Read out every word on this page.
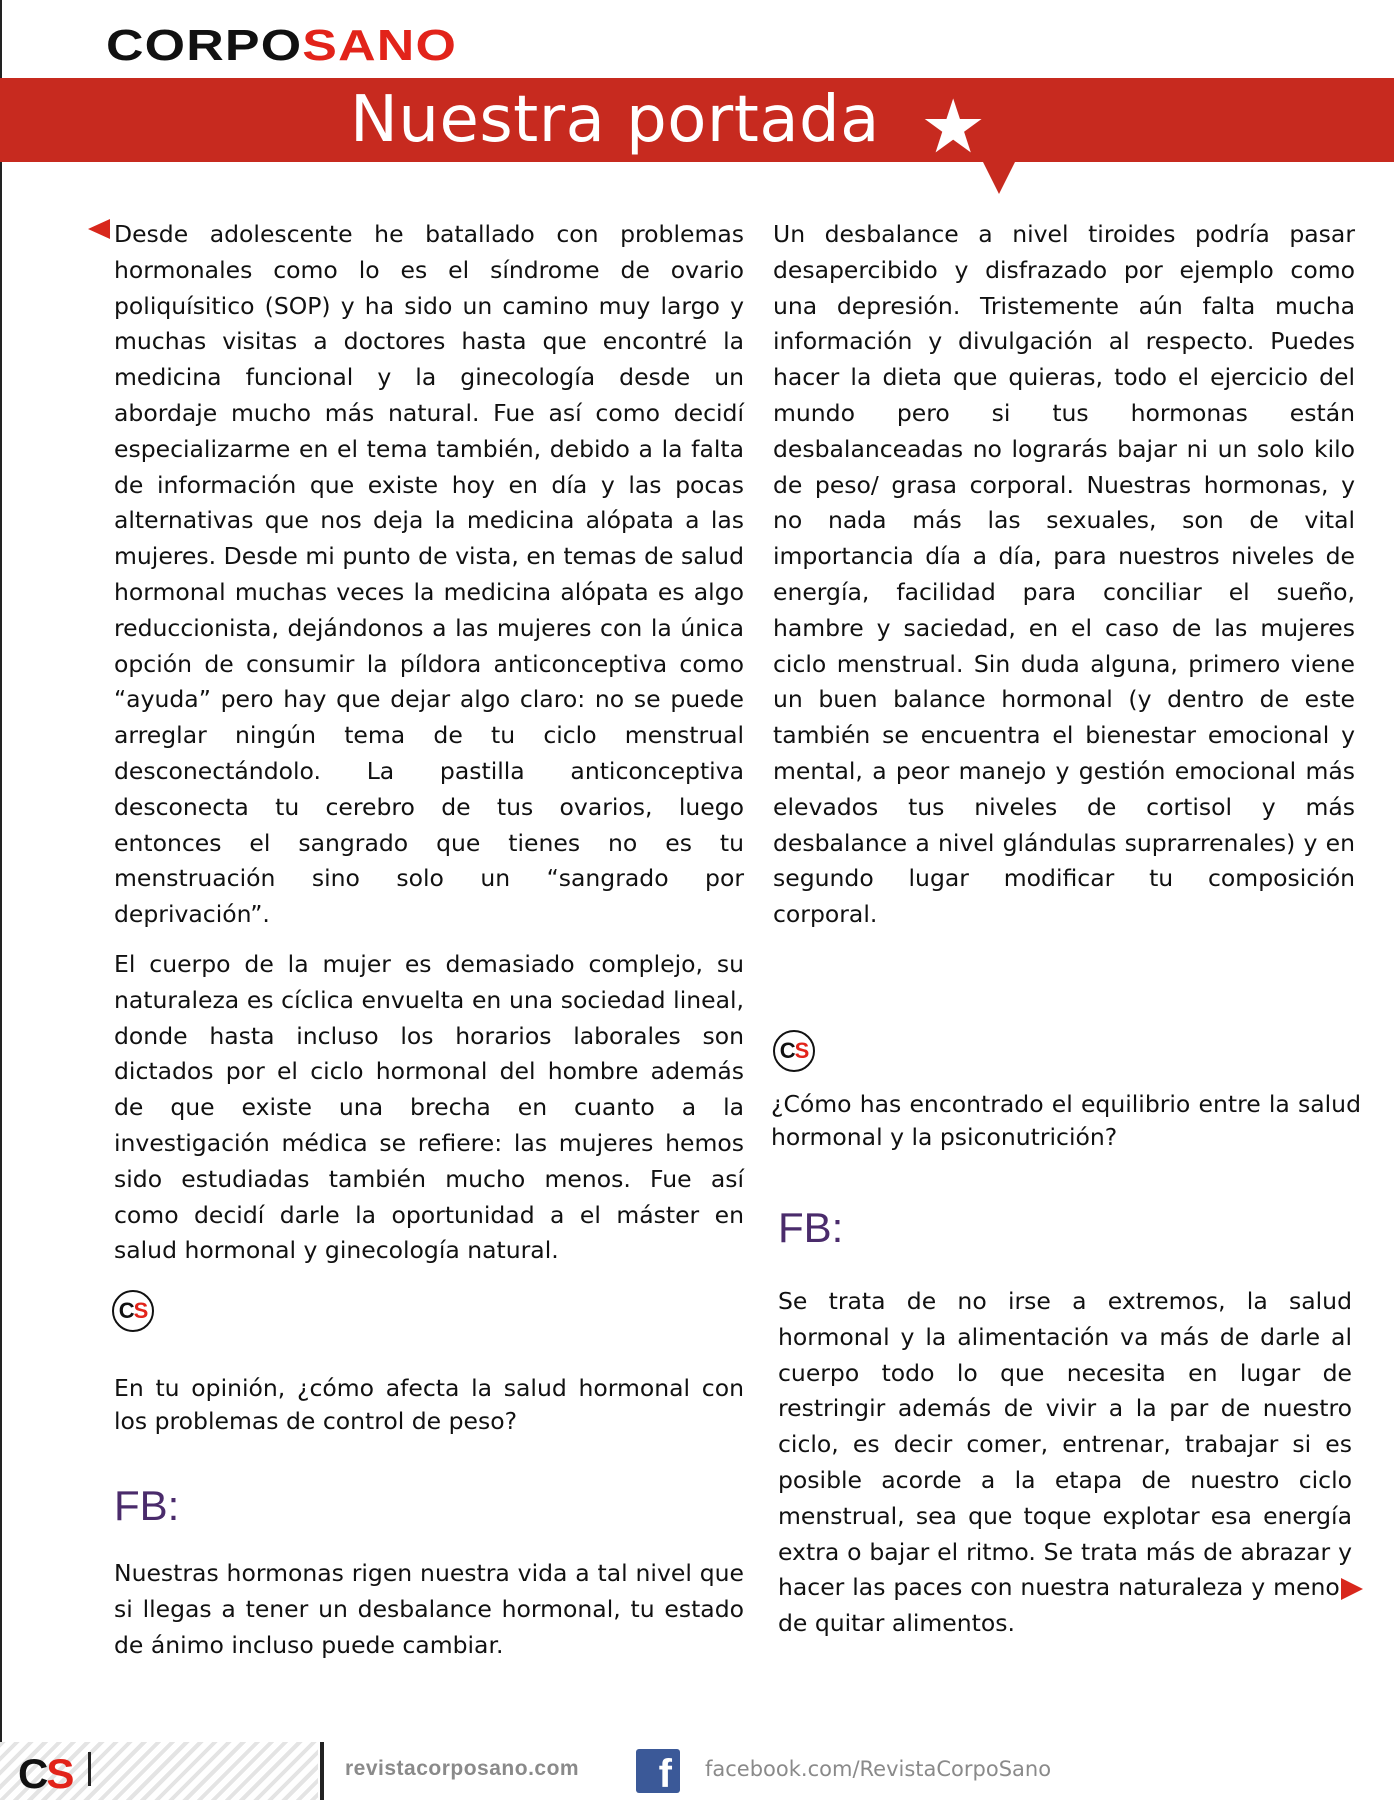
CORPOSANO
Nuestra portada ★

Desde adolescente he batallado con problemas hormonales como lo es el síndrome de ovario poliquísitico (SOP) y ha sido un camino muy largo y muchas visitas a doctores hasta que encontré la medicina funcional y la ginecología desde un abordaje mucho más natural. Fue así como decidí especializarme en el tema también, debido a la falta de información que existe hoy en día y las pocas alternativas que nos deja la medicina alópata a las mujeres. Desde mi punto de vista, en temas de salud hormonal muchas veces la medicina alópata es algo reduccionista, dejándonos a las mujeres con la única opción de consumir la píldora anticonceptiva como “ayuda” pero hay que dejar algo claro: no se puede arreglar ningún tema de tu ciclo menstrual desconectándolo. La pastilla anticonceptiva desconecta tu cerebro de tus ovarios, luego entonces el sangrado que tienes no es tu menstruación sino solo un “sangrado por deprivación”.

El cuerpo de la mujer es demasiado complejo, su naturaleza es cíclica envuelta en una sociedad lineal, donde hasta incluso los horarios laborales son dictados por el ciclo hormonal del hombre además de que existe una brecha en cuanto a la investigación médica se refiere: las mujeres hemos sido estudiadas también mucho menos. Fue así como decidí darle la oportunidad a el máster en salud hormonal y ginecología natural.

C S
En tu opinión, ¿cómo afecta la salud hormonal con los problemas de control de peso?
FB:
Nuestras hormonas rigen nuestra vida a tal nivel que si llegas a tener un desbalance hormonal, tu estado de ánimo incluso puede cambiar.

Un desbalance a nivel tiroides podría pasar desapercibido y disfrazado por ejemplo como una depresión. Tristemente aún falta mucha información y divulgación al respecto. Puedes hacer la dieta que quieras, todo el ejercicio del mundo pero si tus hormonas están desbalanceadas no lograrás bajar ni un solo kilo de peso/ grasa corporal. Nuestras hormonas, y no nada más las sexuales, son de vital importancia día a día, para nuestros niveles de energía, facilidad para conciliar el sueño, hambre y saciedad, en el caso de las mujeres ciclo menstrual. Sin duda alguna, primero viene un buen balance hormonal (y dentro de este también se encuentra el bienestar emocional y mental, a peor manejo y gestión emocional más elevados tus niveles de cortisol y más desbalance a nivel glándulas suprarrenales) y en segundo lugar modificar tu composición corporal.

C S
¿Cómo has encontrado el equilibrio entre la salud hormonal y la psiconutrición?
FB:
Se trata de no irse a extremos, la salud hormonal y la alimentación va más de darle al cuerpo todo lo que necesita en lugar de restringir además de vivir a la par de nuestro ciclo, es decir comer, entrenar, trabajar si es posible acorde a la etapa de nuestro ciclo menstrual, sea que toque explotar esa energía extra o bajar el ritmo. Se trata más de abrazar y hacer las paces con nuestra naturaleza y menos de quitar alimentos.
CS	revistacorposano.com	f	facebook.com/RevistaCorpoSano
